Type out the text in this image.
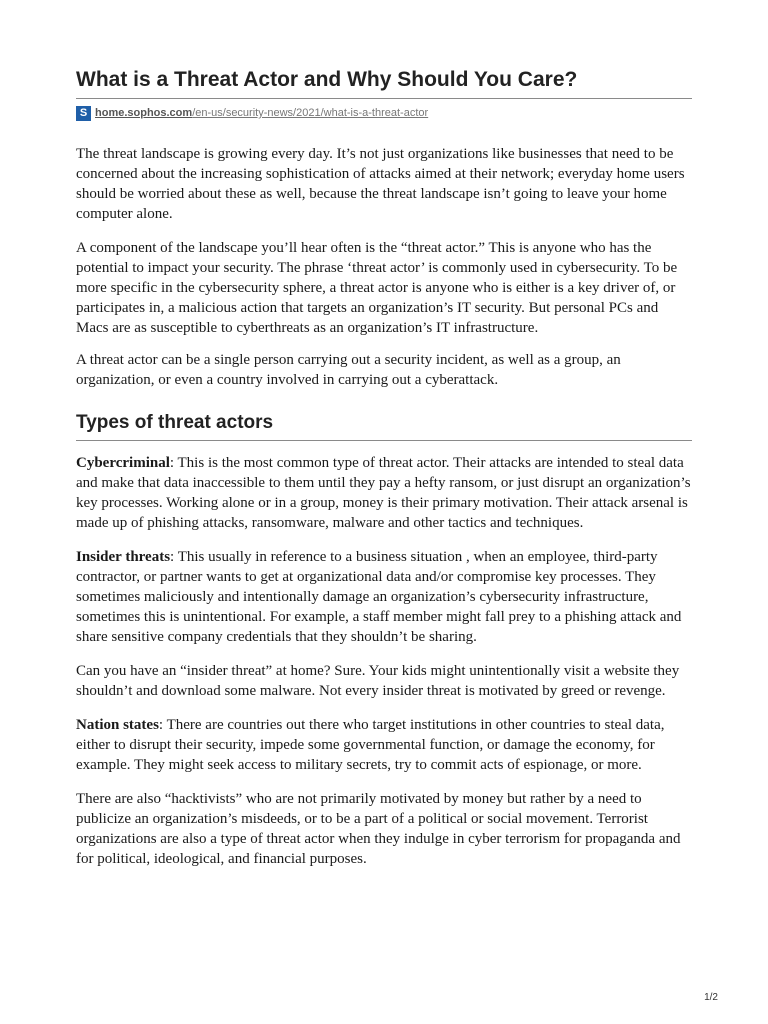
What is a Threat Actor and Why Should You Care?
S home.sophos.com /en-us/security-news/2021/what-is-a-threat-actor

The threat landscape is growing every day. It’s not just organizations like businesses that need to be concerned about the increasing sophistication of attacks aimed at their network; everyday home users should be worried about these as well, because the threat landscape isn’t going to leave your home computer alone.

A component of the landscape you’ll hear often is the “threat actor.” This is anyone who has the potential to impact your security. The phrase ‘threat actor’ is commonly used in cybersecurity. To be more specific in the cybersecurity sphere, a threat actor is anyone who is either is a key driver of, or participates in, a malicious action that targets an organization’s IT security. But personal PCs and Macs are as susceptible to cyberthreats as an organization’s IT infrastructure.

A threat actor can be a single person carrying out a security incident, as well as a group, an organization, or even a country involved in carrying out a cyberattack.

Types of threat actors

Cybercriminal: This is the most common type of threat actor. Their attacks are intended to steal data and make that data inaccessible to them until they pay a hefty ransom, or just disrupt an organization’s key processes. Working alone or in a group, money is their primary motivation. Their attack arsenal is made up of phishing attacks, ransomware, malware and other tactics and techniques.

Insider threats: This usually in reference to a business situation , when an employee, third-party contractor, or partner wants to get at organizational data and/or compromise key processes. They sometimes maliciously and intentionally damage an organization’s cybersecurity infrastructure, sometimes this is unintentional. For example, a staff member might fall prey to a phishing attack and share sensitive company credentials that they shouldn’t be sharing.

Can you have an “insider threat” at home? Sure. Your kids might unintentionally visit a website they shouldn’t and download some malware. Not every insider threat is motivated by greed or revenge.

Nation states: There are countries out there who target institutions in other countries to steal data, either to disrupt their security, impede some governmental function, or damage the economy, for example. They might seek access to military secrets, try to commit acts of espionage, or more.

There are also “hacktivists” who are not primarily motivated by money but rather by a need to publicize an organization’s misdeeds, or to be a part of a political or social movement. Terrorist organizations are also a type of threat actor when they indulge in cyber terrorism for propaganda and for political, ideological, and financial purposes.

1/2
